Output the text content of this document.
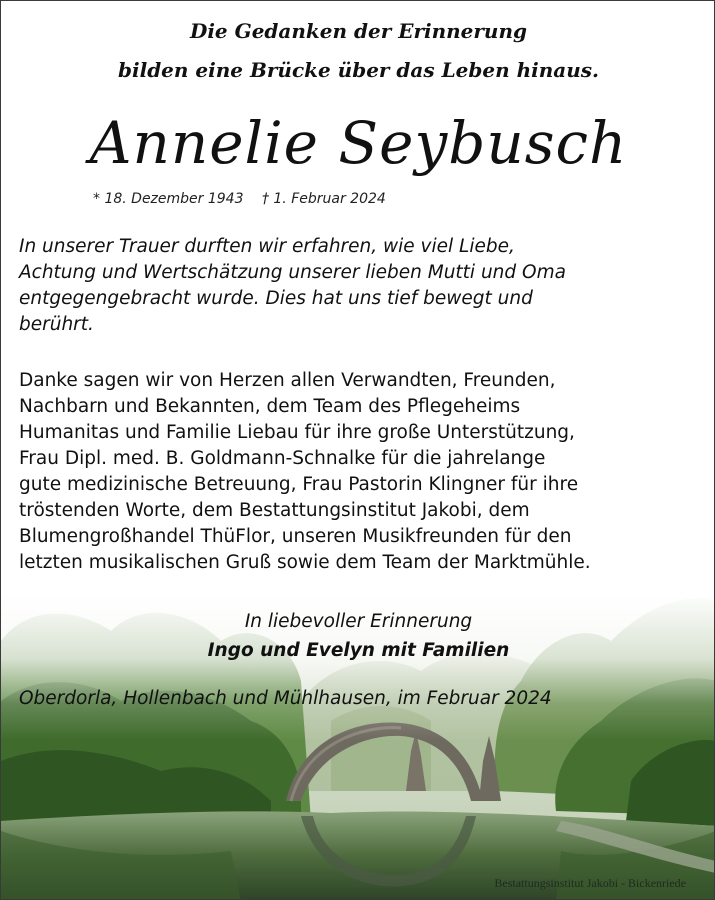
Die Gedanken der Erinnerung

bilden eine Brücke über das Leben hinaus.

Annelie Seybusch
* 18. Dezember 1943 † 1. Februar 2024

In unserer Trauer durften wir erfahren, wie viel Liebe,
Achtung und Wertschätzung unserer lieben Mutti und Oma
entgegengebracht wurde. Dies hat uns tief bewegt und
berührt.

Danke sagen wir von Herzen allen Verwandten, Freunden,
Nachbarn und Bekannten, dem Team des Pflegeheims
Humanitas und Familie Liebau für ihre große Unterstützung,
Frau Dipl. med. B. Goldmann-Schnalke für die jahrelange
gute medizinische Betreuung, Frau Pastorin Klingner für ihre
tröstenden Worte, dem Bestattungsinstitut Jakobi, dem
Blumengroßhandel ThüFlor, unseren Musikfreunden für den
letzten musikalischen Gruß sowie dem Team der Marktmühle.

In liebevoller Erinnerung

Ingo und Evelyn mit Familien

Oberdorla, Hollenbach und Mühlhausen, im Februar 2024

Bestattungsinstitut Jakobi - Bickenriede
